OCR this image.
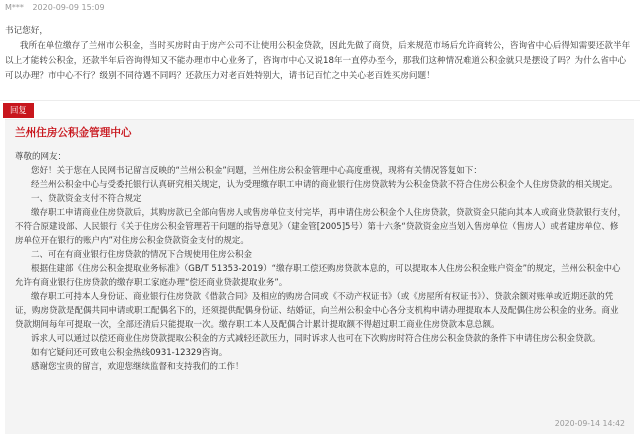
M*** 2020-09-09 15:09

书记您好，

我所在单位缴存了兰州市公积金，当时买房时由于房产公司不让使用公积金贷款，因此先做了商贷，后来规范市场后允许商转公，咨询省中心后得知需要还款半年以上才能转公积金，还款半年后咨询得知又不能办理市中心业务了，咨询市中心又说18年一直停办至今，那我们这种情况难道公积金就只是摆设了吗？为什么省中心可以办理？市中心不行？级别不同待遇不同吗？还款压力对老百姓特别大，请书记百忙之中关心老百姓买房问题！

回复
兰州住房公积金管理中心

尊敬的网友：

您好！关于您在人民网书记留言反映的“兰州公积金”问题，兰州住房公积金管理中心高度重视，现将有关情况答复如下：

经兰州公积金中心与受委托银行认真研究相关规定，认为受理缴存职工申请的商业银行住房贷款转为公积金贷款不符合住房公积金个人住房贷款的相关规定。

一、贷款资金支付不符合规定

缴存职工申请商业住房贷款后，其购房款已全部向售房人或售房单位支付完毕，再申请住房公积金个人住房贷款，贷款资金只能向其本人或商业贷款银行支付，不符合原建设部、人民银行《关于住房公积金管理若干问题的指导意见》（建金管[2005]5号）第十六条“贷款资金应当划入售房单位（售房人）或者建房单位、修房单位开在银行的账户内”对住房公积金贷款资金支付的规定。

二、可在有商业银行住房贷款的情况下合规使用住房公积金

根据住建部《住房公积金提取业务标准》（GB/T 51353-2019）“缴存职工偿还购房贷款本息的，可以提取本人住房公积金账户资金”的规定，兰州公积金中心允许有商业银行住房贷款的缴存职工家庭办理“偿还商业贷款提取业务”。

缴存职工可持本人身份证、商业银行住房贷款《借款合同》及相应的购房合同或《不动产权证书》（或《房屋所有权证书》）、贷款余额对账单或近期还款的凭证，购房贷款是配偶共同申请或职工配偶名下的，还须提供配偶身份证、结婚证，向兰州公积金中心各分支机构申请办理提取本人及配偶住房公积金的业务。商业贷款期间每年可提取一次，全部还清后只能提取一次。缴存职工本人及配偶合计累计提取额不得超过职工商业住房贷款本息总额。

诉求人可以通过以偿还商业住房贷款提取公积金的方式减轻还款压力，同时诉求人也可在下次购房时符合住房公积金贷款的条件下申请住房公积金贷款。

如有它疑问还可致电公积金热线0931-12329咨询。

感谢您宝贵的留言，欢迎您继续监督和支持我们的工作！

2020-09-14 14:42
